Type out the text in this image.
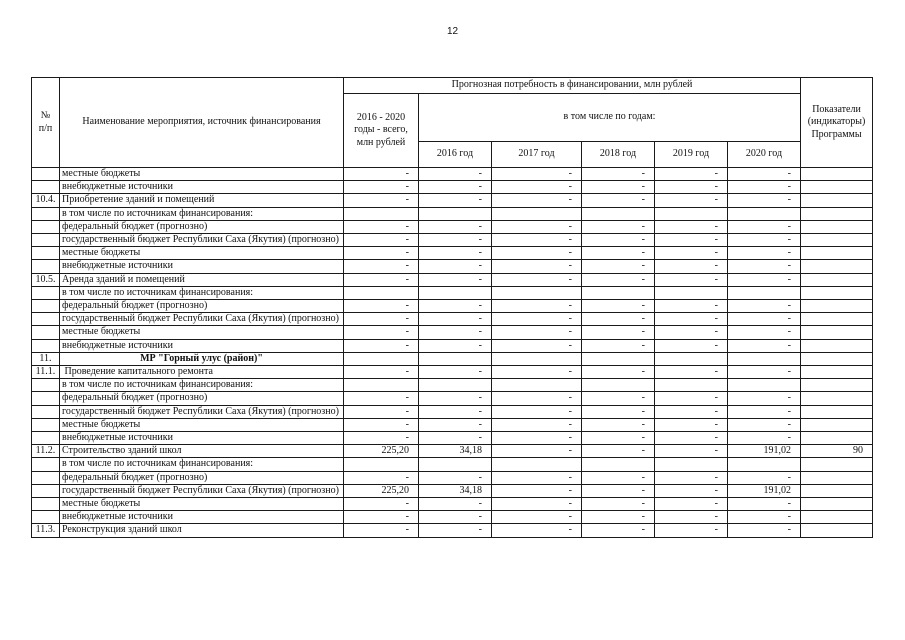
12
№
п/п	Наименование мероприятия, источник финансирования	Прогнозная потребность в финансировании, млн рублей						Показатели
(индикаторы)
Программы

		2016 - 2020
годы - всего,
млн рублей	в том числе по годам:					
			2016 год	2017 год	2018 год	2019 год	2020 год	
	местные бюджеты	-	-	-	-	-	-	
	внебюджетные источники	-	-	-	-	-	-	
10.4.	Приобретение зданий и помещений	-	-	-	-	-	-	
	в том числе по источникам финансирования:							
	федеральный бюджет (прогнозно)	-	-	-	-	-	-	
	государственный бюджет Республики Саха (Якутия) (прогнозно)	-	-	-	-	-	-	
	местные бюджеты	-	-	-	-	-	-	
	внебюджетные источники	-	-	-	-	-	-	
10.5.	Аренда зданий и помещений	-	-	-	-	-	-	
	в том числе по источникам финансирования:							
	федеральный бюджет (прогнозно)	-	-	-	-	-	-	
	государственный бюджет Республики Саха (Якутия) (прогнозно)	-	-	-	-	-	-	
	местные бюджеты	-	-	-	-	-	-	
	внебюджетные источники	-	-	-	-	-	-	
11.	МР "Горный улус (район)"							
11.1.	Проведение капитального ремонта	-	-	-	-	-	-	
	в том числе по источникам финансирования:							
	федеральный бюджет (прогнозно)	-	-	-	-	-	-	
	государственный бюджет Республики Саха (Якутия) (прогнозно)	-	-	-	-	-	-	
	местные бюджеты	-	-	-	-	-	-	
	внебюджетные источники	-	-	-	-	-	-	
11.2.	Строительство зданий школ	225,20	34,18	-	-	-	191,02	90
	в том числе по источникам финансирования:							
	федеральный бюджет (прогнозно)	-	-	-	-	-	-	
	государственный бюджет Республики Саха (Якутия) (прогнозно)	225,20	34,18	-	-	-	191,02	
	местные бюджеты	-	-	-	-	-	-	
	внебюджетные источники	-	-	-	-	-	-	
11.3.	Реконструкция зданий школ	-	-	-	-	-	-	
